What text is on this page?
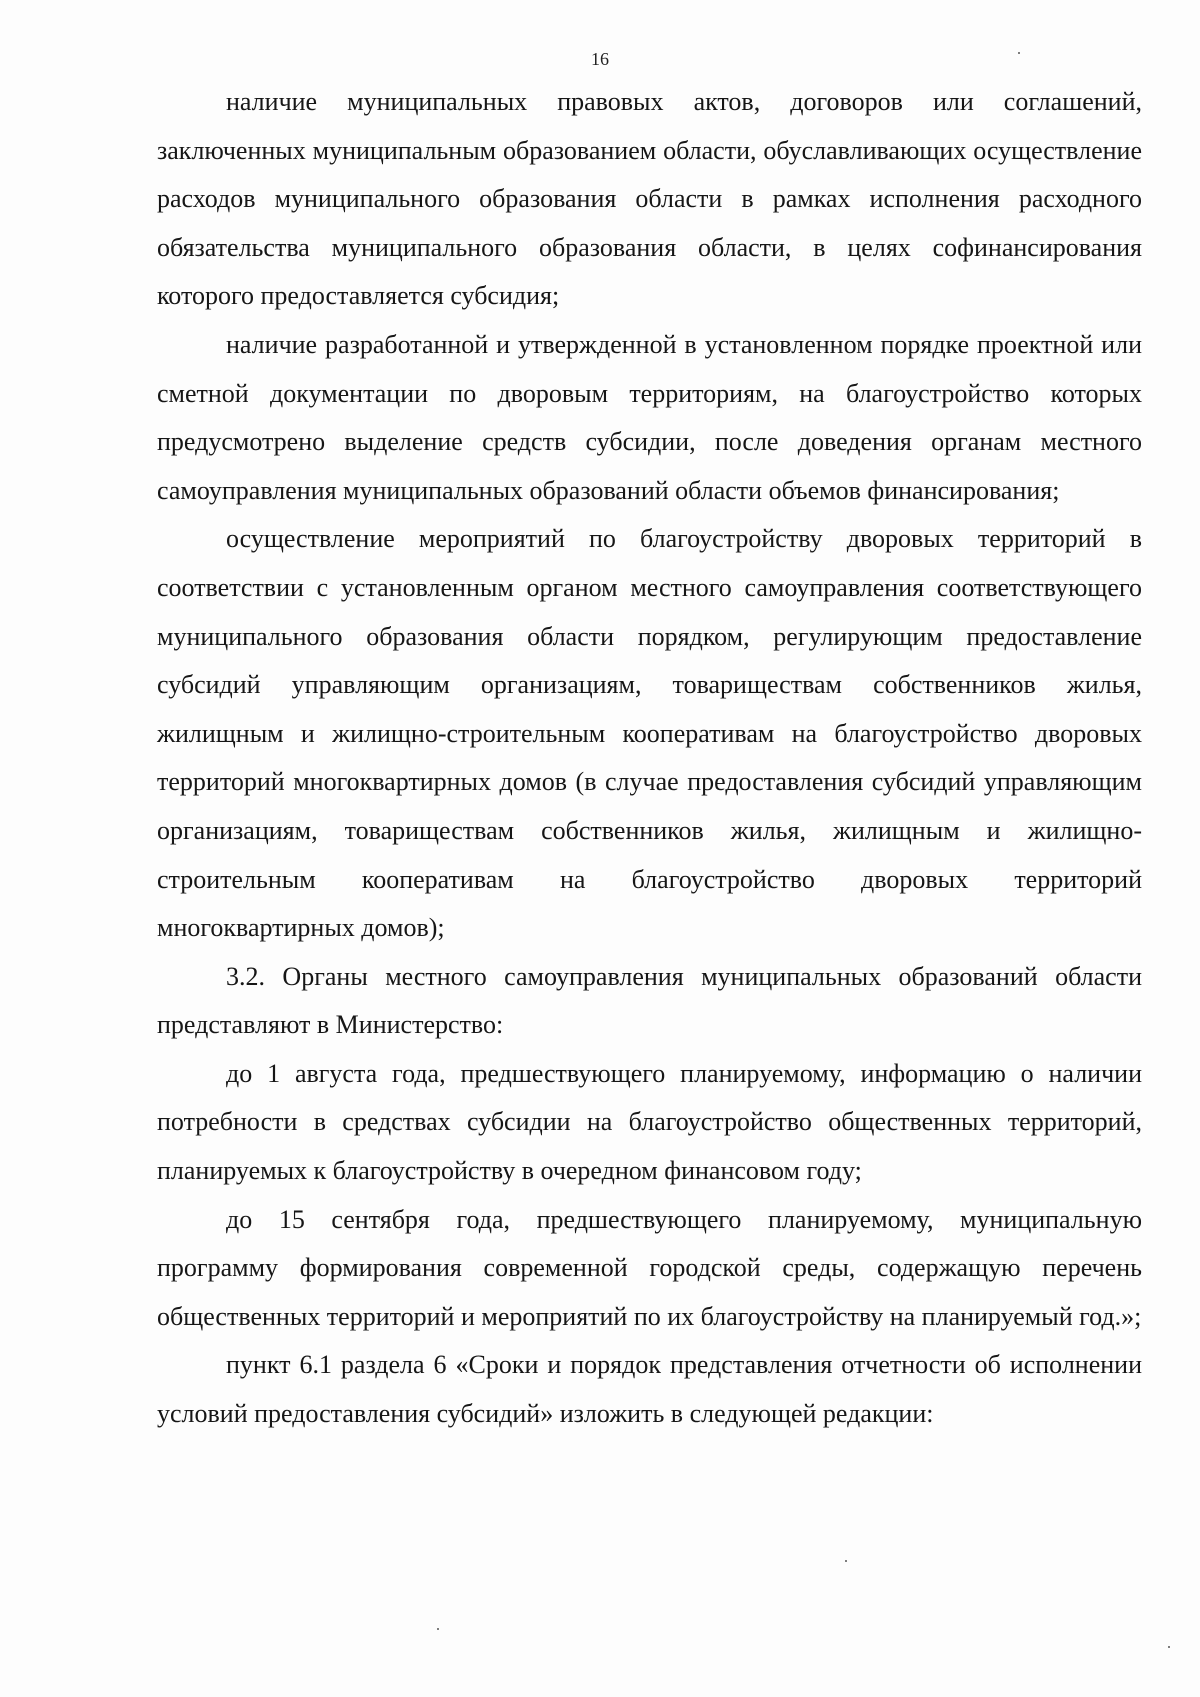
16

наличие муниципальных правовых актов, договоров или соглашений, заключенных муниципальным образованием области, обуславливающих осуществление расходов муниципального образования области в рамках исполнения расходного обязательства муниципального образования области, в целях софинансирования которого предоставляется субсидия;

наличие разработанной и утвержденной в установленном порядке проектной или сметной документации по дворовым территориям, на благоустройство которых предусмотрено выделение средств субсидии, после доведения органам местного самоуправления муниципальных образований области объемов финансирования;

осуществление мероприятий по благоустройству дворовых территорий в соответствии с установленным органом местного самоуправления соответствующего муниципального образования области порядком, регулирующим предоставление субсидий управляющим организациям, товариществам собственников жилья, жилищным и жилищно-строительным кооперативам на благоустройство дворовых территорий многоквартирных домов (в случае предоставления субсидий управляющим организациям, товариществам собственников жилья, жилищным и жилищно-строительным кооперативам на благоустройство дворовых территорий многоквартирных домов);

3.2. Органы местного самоуправления муниципальных образований области представляют в Министерство:

до 1 августа года, предшествующего планируемому, информацию о наличии потребности в средствах субсидии на благоустройство общественных территорий, планируемых к благоустройству в очередном финансовом году;

до 15 сентября года, предшествующего планируемому, муниципальную программу формирования современной городской среды, содержащую перечень общественных территорий и мероприятий по их благоустройству на планируемый год.»;

пункт 6.1 раздела 6 «Сроки и порядок представления отчетности об исполнении условий предоставления субсидий» изложить в следующей редакции:
